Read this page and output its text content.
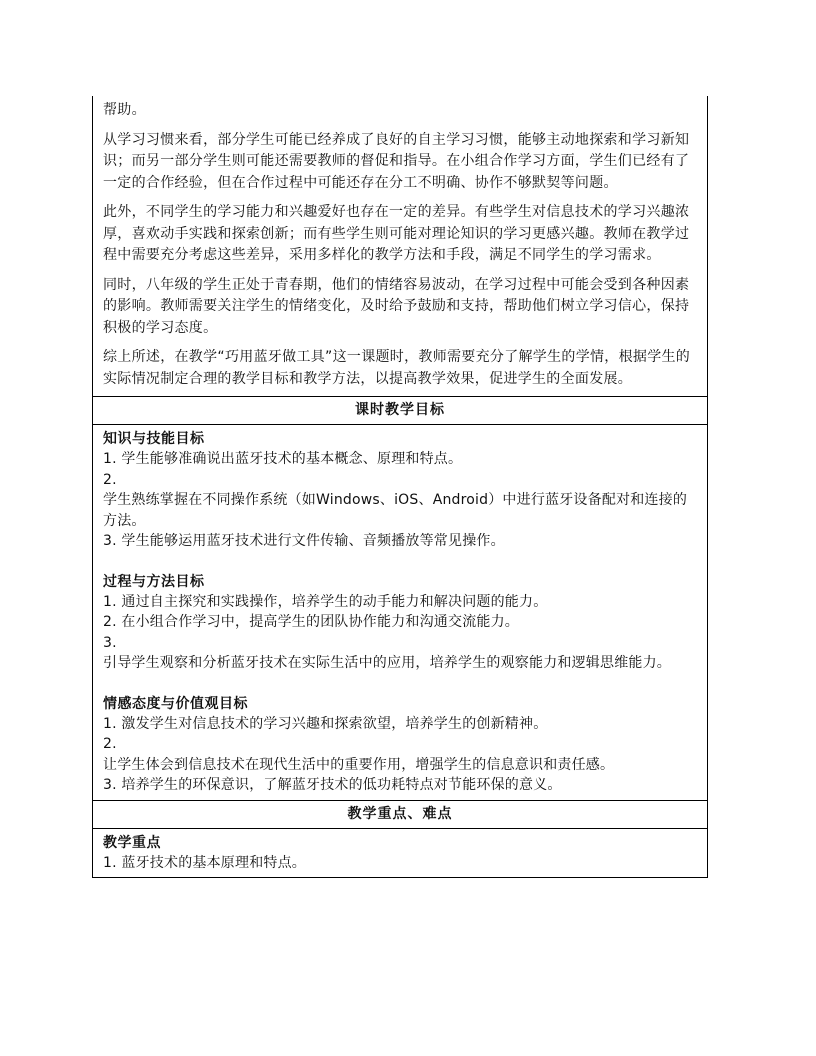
帮助。

从学习习惯来看，部分学生可能已经养成了良好的自主学习习惯，能够主动地探索和学习新知识；而另一部分学生则可能还需要教师的督促和指导。在小组合作学习方面，学生们已经有了一定的合作经验，但在合作过程中可能还存在分工不明确、协作不够默契等问题。

此外，不同学生的学习能力和兴趣爱好也存在一定的差异。有些学生对信息技术的学习兴趣浓厚，喜欢动手实践和探索创新；而有些学生则可能对理论知识的学习更感兴趣。教师在教学过程中需要充分考虑这些差异，采用多样化的教学方法和手段，满足不同学生的学习需求。

同时，八年级的学生正处于青春期，他们的情绪容易波动，在学习过程中可能会受到各种因素的影响。教师需要关注学生的情绪变化，及时给予鼓励和支持，帮助他们树立学习信心，保持积极的学习态度。

综上所述，在教学“巧用蓝牙做工具”这一课题时，教师需要充分了解学生的学情，根据学生的实际情况制定合理的教学目标和教学方法，以提高教学效果，促进学生的全面发展。

课时教学目标

知识与技能目标

1. 学生能够准确说出蓝牙技术的基本概念、原理和特点。

2.

学生熟练掌握在不同操作系统（如Windows、iOS、Android）中进行蓝牙设备配对和连接的方法。

3. 学生能够运用蓝牙技术进行文件传输、音频播放等常见操作。

过程与方法目标

1. 通过自主探究和实践操作，培养学生的动手能力和解决问题的能力。

2. 在小组合作学习中，提高学生的团队协作能力和沟通交流能力。

3.

引导学生观察和分析蓝牙技术在实际生活中的应用，培养学生的观察能力和逻辑思维能力。

情感态度与价值观目标

1. 激发学生对信息技术的学习兴趣和探索欲望，培养学生的创新精神。

2.

让学生体会到信息技术在现代生活中的重要作用，增强学生的信息意识和责任感。

3. 培养学生的环保意识，了解蓝牙技术的低功耗特点对节能环保的意义。

教学重点、难点

教学重点

1. 蓝牙技术的基本原理和特点。
